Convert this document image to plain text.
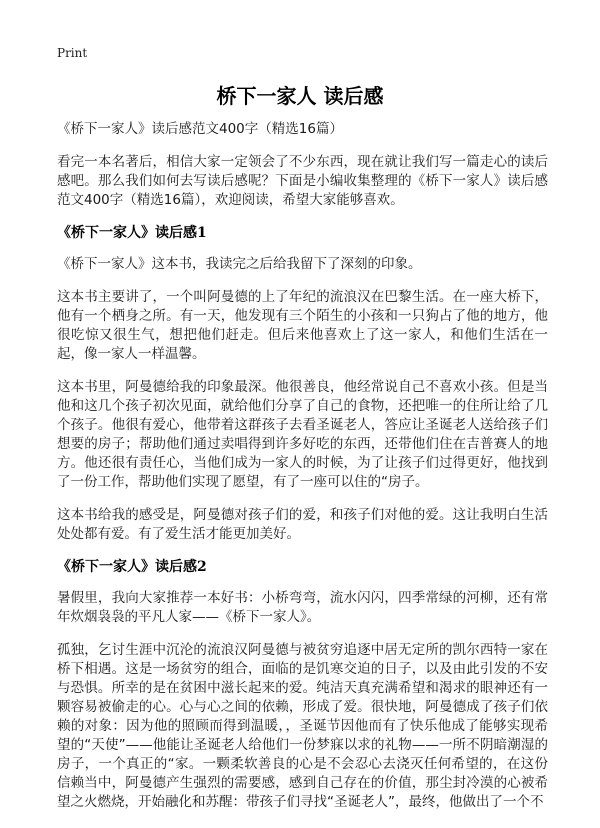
Print
桥下一家人 读后感

《桥下一家人》读后感范文400字（精选16篇）

看完一本名著后，相信大家一定领会了不少东西，现在就让我们写一篇走心的读后感吧。那么我们如何去写读后感呢？下面是小编收集整理的《桥下一家人》读后感范文400字（精选16篇），欢迎阅读，希望大家能够喜欢。

《桥下一家人》读后感1

《桥下一家人》这本书，我读完之后给我留下了深刻的印象。

这本书主要讲了，一个叫阿曼德的上了年纪的流浪汉在巴黎生活。在一座大桥下，他有一个栖身之所。有一天，他发现有三个陌生的小孩和一只狗占了他的地方，他很吃惊又很生气，想把他们赶走。但后来他喜欢上了这一家人，和他们生活在一起，像一家人一样温馨。

这本书里，阿曼德给我的印象最深。他很善良，他经常说自己不喜欢小孩。但是当他和这几个孩子初次见面，就给他们分享了自己的食物，还把唯一的住所让给了几个孩子。他很有爱心，他带着这群孩子去看圣诞老人，答应让圣诞老人送给孩子们想要的房子；帮助他们通过卖唱得到许多好吃的东西，还带他们住在吉普赛人的地方。他还很有责任心，当他们成为一家人的时候，为了让孩子们过得更好，他找到了一份工作，帮助他们实现了愿望，有了一座可以住的“房子。

这本书给我的感受是，阿曼德对孩子们的爱，和孩子们对他的爱。这让我明白生活处处都有爱。有了爱生活才能更加美好。

《桥下一家人》读后感2

暑假里，我向大家推荐一本好书：小桥弯弯，流水闪闪，四季常绿的河柳，还有常年炊烟袅袅的平凡人家——《桥下一家人》。

孤独，乞讨生涯中沉沦的流浪汉阿曼德与被贫穷追逐中居无定所的凯尔西特一家在桥下相遇。这是一场贫穷的组合，面临的是饥寒交迫的日子，以及由此引发的不安与恐惧。所幸的是在贫困中滋长起来的爱。纯洁天真充满希望和渴求的眼神还有一颗容易被偷走的心。心与心之间的依赖，形成了爱。很快地，阿曼德成了孩子们依赖的对象：因为他的照顾而得到温暖，，圣诞节因他而有了快乐他成了能够实现希望的“天使”——他能让圣诞老人给他们一份梦寐以求的礼物——一所不阴暗潮湿的房子，一个真正的“家。一颗柔软善良的心是不会忍心去浇灭任何希望的，在这份信赖当中，阿曼德产生强烈的需要感，感到自己存在的价值，那尘封冷漠的心被希望之火燃烧，开始融化和苏醒：带孩子们寻找“圣诞老人”，最终，他做出了一个不
